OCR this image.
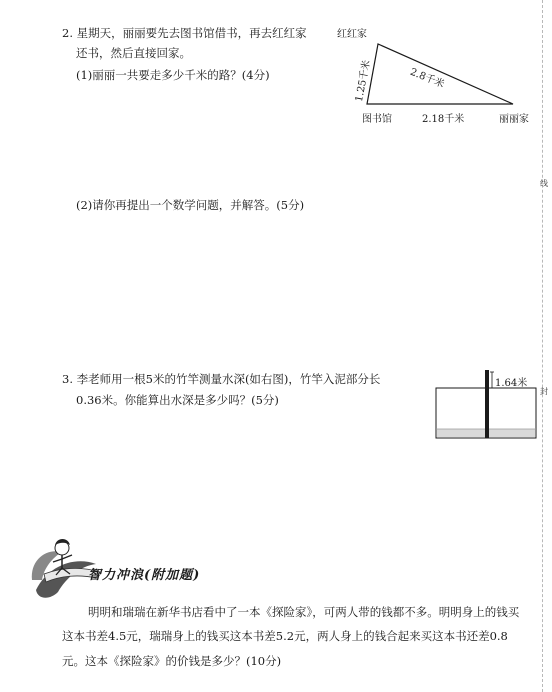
线
封
2. 星期天，丽丽要先去图书馆借书，再去红红家
还书，然后直接回家。
(1)丽丽一共要走多少千米的路？(4分)
红红家
图书馆	丽丽家
2.18千米
2.8千米
1.25千米
(2)请你再提出一个数学问题，并解答。(5分)
3. 李老师用一根5米的竹竿测量水深(如右图)，竹竿入泥部分长
0.36米。你能算出水深是多少吗？(5分)
1.64米
智力冲浪(附加题)
明明和瑞瑞在新华书店看中了一本《探险家》，可两人带的钱都不多。明明身上的钱买
这本书差4.5元，瑞瑞身上的钱买这本书差5.2元，两人身上的钱合起来买这本书还差0.8
元。这本《探险家》的价钱是多少？(10分)
